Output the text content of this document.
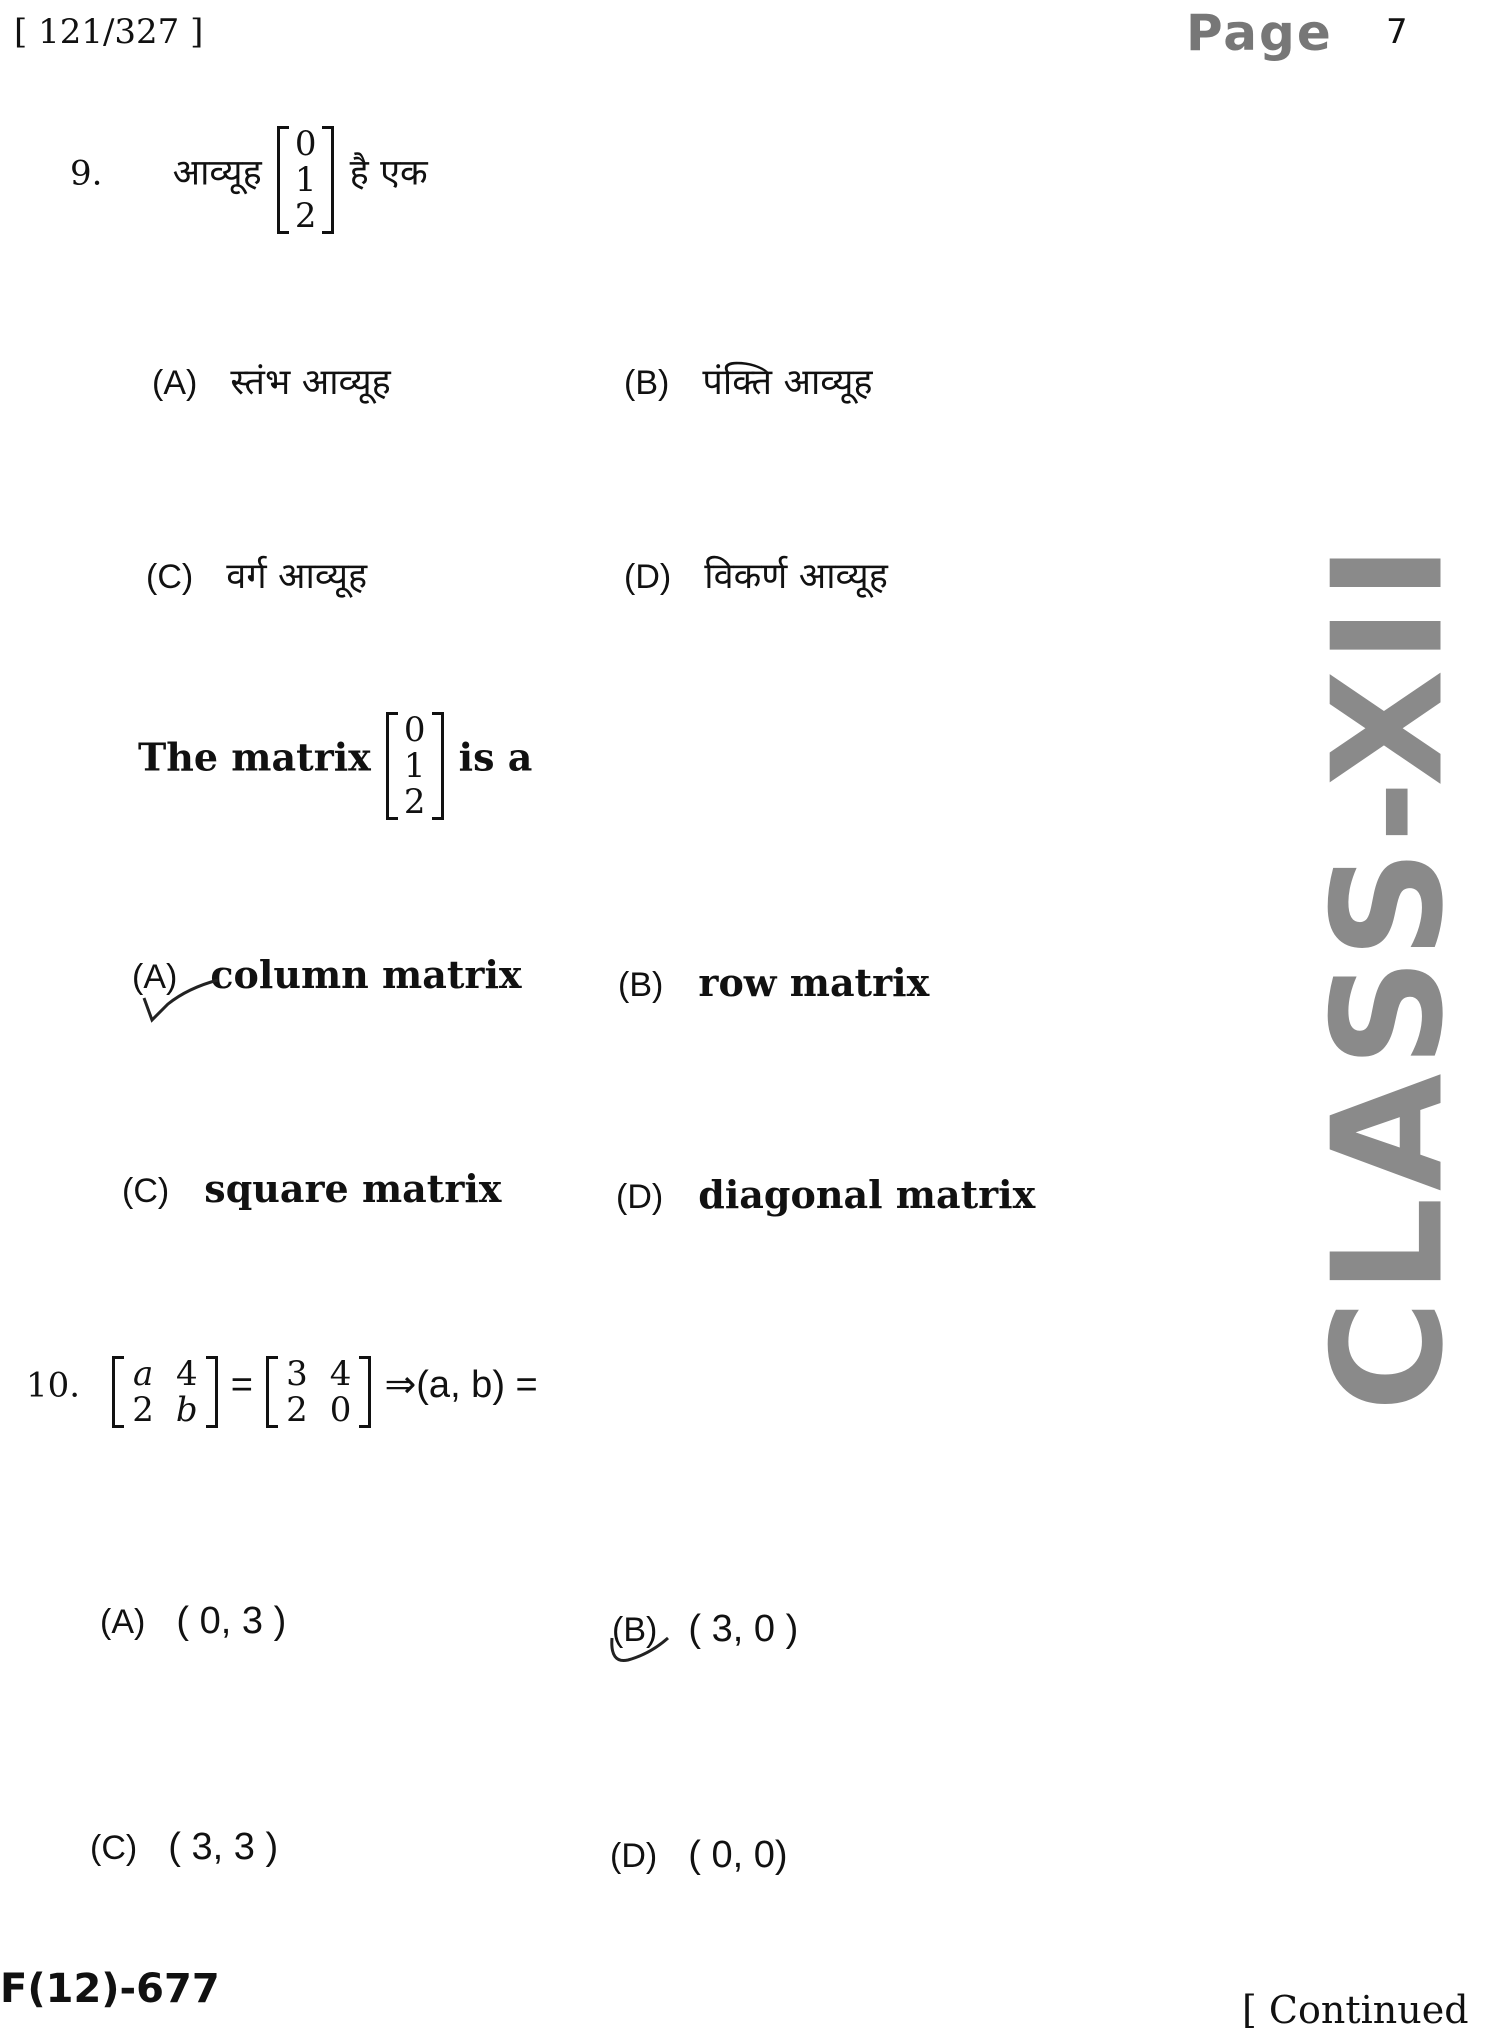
[ 121/327 ]	Page 7
9. आव्यूह
0
1
2
है एक
(A) स्तंभ आव्यूह	(B) पंक्ति आव्यूह
(C) वर्ग आव्यूह	(D) विकर्ण आव्यूह
The matrix
0
1
2
is a
(A) column matrix	(B) row matrix
(C) square matrix	(D) diagonal matrix
10. a 4
2 b
= 3 4
2 0
⇒(a, b) =
(A) ( 0, 3 )	(B) ( 3, 0 )
(C) ( 3, 3 )	(D) ( 0, 0)
CLASS-XII
F(12)-677	[ Continued
